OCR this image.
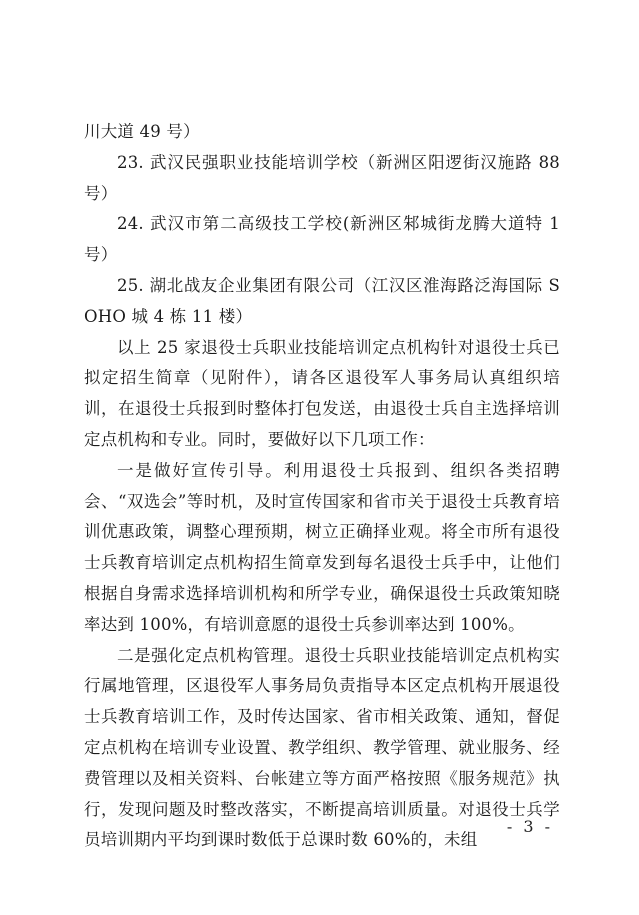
川大道 49 号）

23. 武汉民强职业技能培训学校（新洲区阳逻街汉施路 88 号）

24. 武汉市第二高级技工学校(新洲区邾城街龙腾大道特 1 号）

25. 湖北战友企业集团有限公司（江汉区淮海路泛海国际 SOHO 城 4 栋 11 楼）

以上 25 家退役士兵职业技能培训定点机构针对退役士兵已拟定招生简章（见附件），请各区退役军人事务局认真组织培训，在退役士兵报到时整体打包发送，由退役士兵自主选择培训定点机构和专业。同时，要做好以下几项工作：

一是做好宣传引导。利用退役士兵报到、组织各类招聘会、“双选会”等时机，及时宣传国家和省市关于退役士兵教育培训优惠政策，调整心理预期，树立正确择业观。将全市所有退役士兵教育培训定点机构招生简章发到每名退役士兵手中，让他们根据自身需求选择培训机构和所学专业，确保退役士兵政策知晓率达到 100%，有培训意愿的退役士兵参训率达到 100%。

二是强化定点机构管理。退役士兵职业技能培训定点机构实行属地管理，区退役军人事务局负责指导本区定点机构开展退役士兵教育培训工作，及时传达国家、省市相关政策、通知，督促定点机构在培训专业设置、教学组织、教学管理、就业服务、经费管理以及相关资料、台帐建立等方面严格按照《服务规范》执行，发现问题及时整改落实，不断提高培训质量。对退役士兵学员培训期内平均到课时数低于总课时数 60%的，未组

- 3 -
